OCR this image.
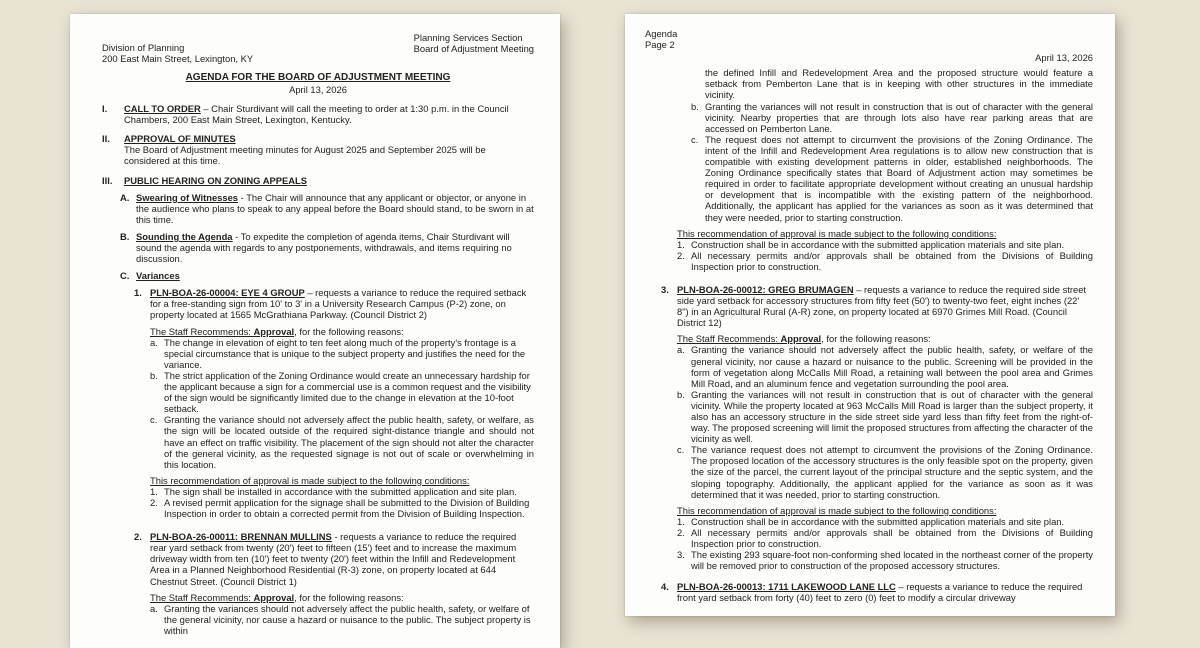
Division of Planning
200 East Main Street, Lexington, KY
Planning Services Section
Board of Adjustment Meeting
AGENDA FOR THE BOARD OF ADJUSTMENT MEETING
April 13, 2026
I.	CALL TO ORDER – Chair Sturdivant will call the meeting to order at 1:30 p.m. in the Council Chambers, 200 East Main Street, Lexington, Kentucky.
II.	APPROVAL OF MINUTES
The Board of Adjustment meeting minutes for August 2025 and September 2025 will be considered at this time.
III.	PUBLIC HEARING ON ZONING APPEALS
A. Swearing of Witnesses - The Chair will announce that any applicant or objector, or anyone in the audience who plans to speak to any appeal before the Board should stand, to be sworn in at this time.
B. Sounding the Agenda - To expedite the completion of agenda items, Chair Sturdivant will sound the agenda with regards to any postponements, withdrawals, and items requiring no discussion.
C. Variances
1. PLN-BOA-26-00004: EYE 4 GROUP – requests a variance to reduce the required setback for a free-standing sign from 10' to 3' in a University Research Campus (P-2) zone, on property located at 1565 McGrathiana Parkway. (Council District 2)
The Staff Recommends: Approval, for the following reasons:
a. The change in elevation of eight to ten feet along much of the property's frontage is a special circumstance that is unique to the subject property and justifies the need for the variance.
b. The strict application of the Zoning Ordinance would create an unnecessary hardship for the applicant because a sign for a commercial use is a common request and the visibility of the sign would be significantly limited due to the change in elevation at the 10-foot setback.
c. Granting the variance should not adversely affect the public health, safety, or welfare, as the sign will be located outside of the required sight-distance triangle and should not have an effect on traffic visibility. The placement of the sign should not alter the character of the general vicinity, as the requested signage is not out of scale or overwhelming in this location.
This recommendation of approval is made subject to the following conditions:
1. The sign shall be installed in accordance with the submitted application and site plan.
2. A revised permit application for the signage shall be submitted to the Division of Building Inspection in order to obtain a corrected permit from the Division of Building Inspection.
2. PLN-BOA-26-00011: BRENNAN MULLINS - requests a variance to reduce the required rear yard setback from twenty (20') feet to fifteen (15') feet and to increase the maximum driveway width from ten (10') feet to twenty (20') feet within the Infill and Redevelopment Area in a Planned Neighborhood Residential (R-3) zone, on property located at 644 Chestnut Street. (Council District 1)
The Staff Recommends: Approval, for the following reasons:
a. Granting the variances should not adversely affect the public health, safety, or welfare of the general vicinity, nor cause a hazard or nuisance to the public. The subject property is within
Agenda
Page 2
April 13, 2026
the defined Infill and Redevelopment Area and the proposed structure would feature a setback from Pemberton Lane that is in keeping with other structures in the immediate vicinity.
b. Granting the variances will not result in construction that is out of character with the general vicinity. Nearby properties that are through lots also have rear parking areas that are accessed on Pemberton Lane.
c. The request does not attempt to circumvent the provisions of the Zoning Ordinance. The intent of the Infill and Redevelopment Area regulations is to allow new construction that is compatible with existing development patterns in older, established neighborhoods. The Zoning Ordinance specifically states that Board of Adjustment action may sometimes be required in order to facilitate appropriate development without creating an unusual hardship or development that is incompatible with the existing pattern of the neighborhood. Additionally, the applicant has applied for the variances as soon as it was determined that they were needed, prior to starting construction.
This recommendation of approval is made subject to the following conditions:
1. Construction shall be in accordance with the submitted application materials and site plan.
2. All necessary permits and/or approvals shall be obtained from the Divisions of Building Inspection prior to construction.
3. PLN-BOA-26-00012: GREG BRUMAGEN – requests a variance to reduce the required side street side yard setback for accessory structures from fifty feet (50') to twenty-two feet, eight inches (22' 8") in an Agricultural Rural (A-R) zone, on property located at 6970 Grimes Mill Road. (Council District 12)
The Staff Recommends: Approval, for the following reasons:
a. Granting the variance should not adversely affect the public health, safety, or welfare of the general vicinity, nor cause a hazard or nuisance to the public. Screening will be provided in the form of vegetation along McCalls Mill Road, a retaining wall between the pool area and Grimes Mill Road, and an aluminum fence and vegetation surrounding the pool area.
b. Granting the variances will not result in construction that is out of character with the general vicinity. While the property located at 963 McCalls Mill Road is larger than the subject property, it also has an accessory structure in the side street side yard less than fifty feet from the right-of-way. The proposed screening will limit the proposed structures from affecting the character of the vicinity as well.
c. The variance request does not attempt to circumvent the provisions of the Zoning Ordinance. The proposed location of the accessory structures is the only feasible spot on the property, given the size of the parcel, the current layout of the principal structure and the septic system, and the sloping topography. Additionally, the applicant applied for the variance as soon as it was determined that it was needed, prior to starting construction.
This recommendation of approval is made subject to the following conditions:
1. Construction shall be in accordance with the submitted application materials and site plan.
2. All necessary permits and/or approvals shall be obtained from the Divisions of Building Inspection prior to construction.
3. The existing 293 square-foot non-conforming shed located in the northeast corner of the property will be removed prior to construction of the proposed accessory structures.
4. PLN-BOA-26-00013: 1711 LAKEWOOD LANE LLC – requests a variance to reduce the required front yard setback from forty (40) feet to zero (0) feet to modify a circular driveway
